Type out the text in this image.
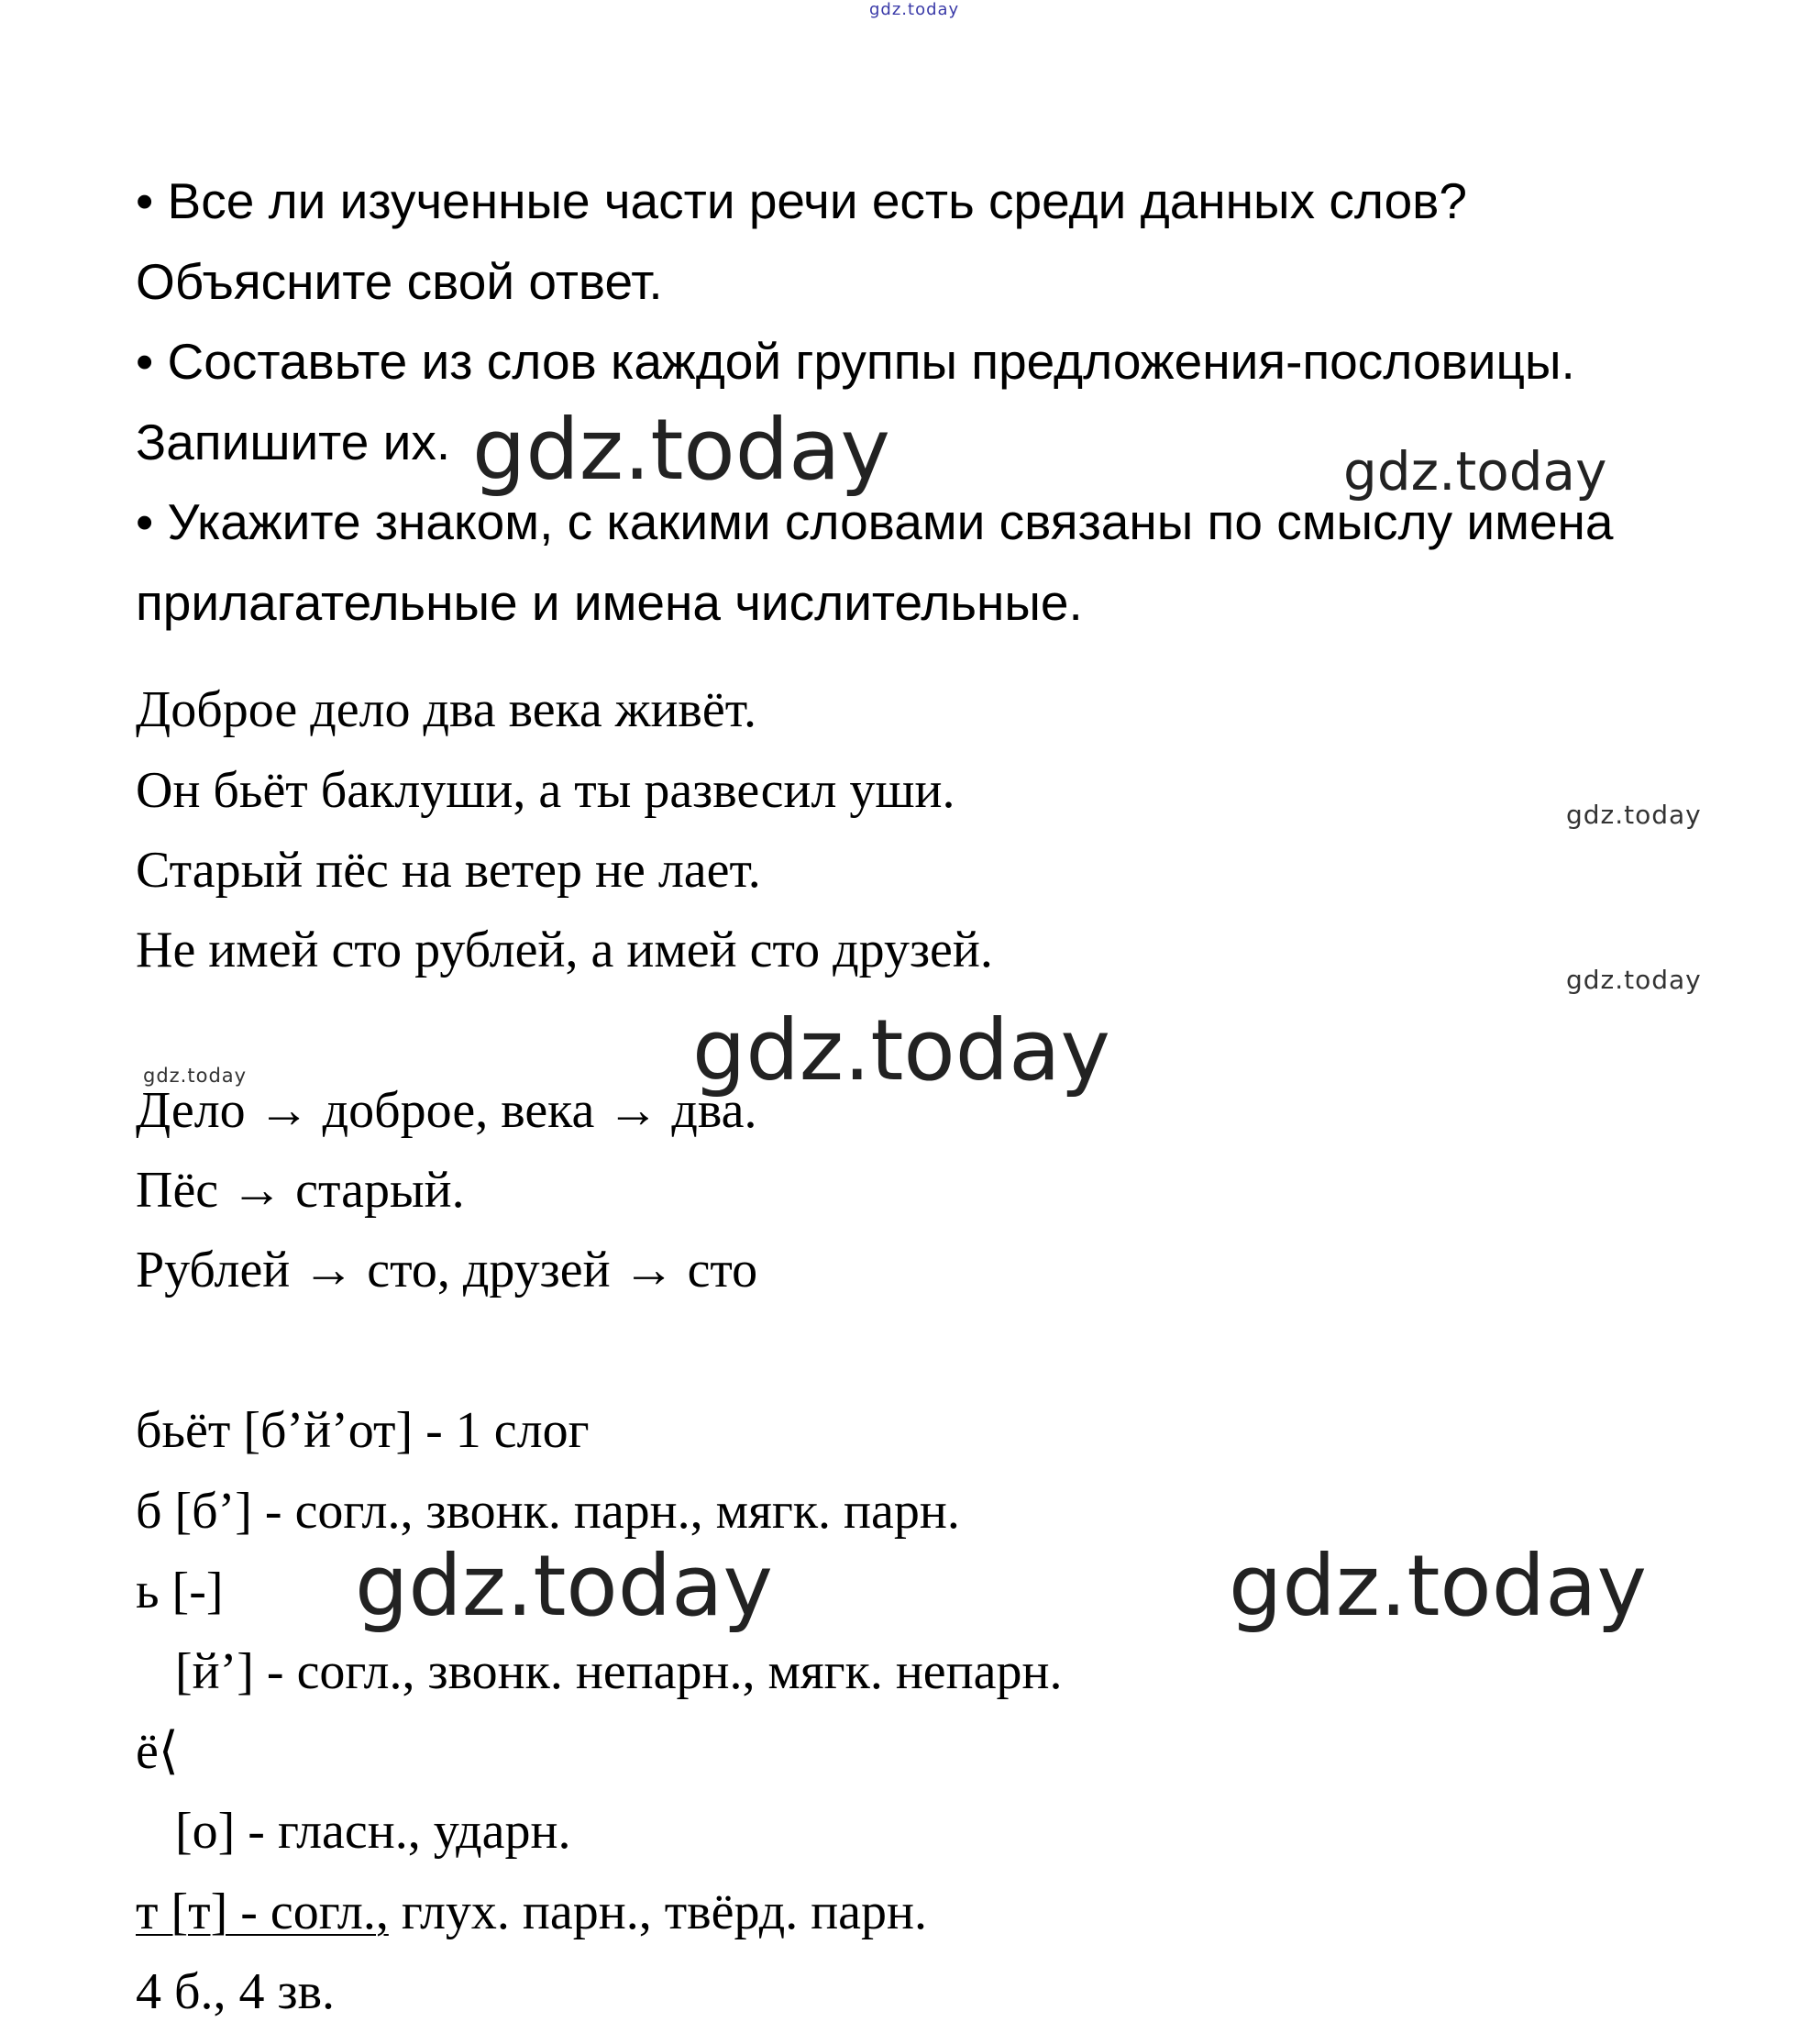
gdz.today
• Все ли изученные части речи есть среди данных слов?
Объясните свой ответ.
• Составьте из слов каждой группы предложения-пословицы.
Запишите их.
• Укажите знаком, с какими словами связаны по смыслу имена
прилагательные и имена числительные.
gdz.today	gdz.today
Доброе дело два века живёт.
Он бьёт баклуши, а ты развесил уши.
Старый пёс на ветер не лает.
Не имей сто рублей, а имей сто друзей.
gdz.today
gdz.today
gdz.today
gdz.today
Дело → доброе, века → два.
Пёс → старый.
Рублей → сто, друзей → сто
бьёт [б’й’от] - 1 слог
б [б’] - согл., звонк. парн., мягк. парн.
ь [-]
[й’] - согл., звонк. непарн., мягк. непарн.
ё⟨
[о] - гласн., ударн.
т [т] - согл., глух. парн., твёрд. парн.
4 б., 4 зв.
gdz.today	gdz.today
